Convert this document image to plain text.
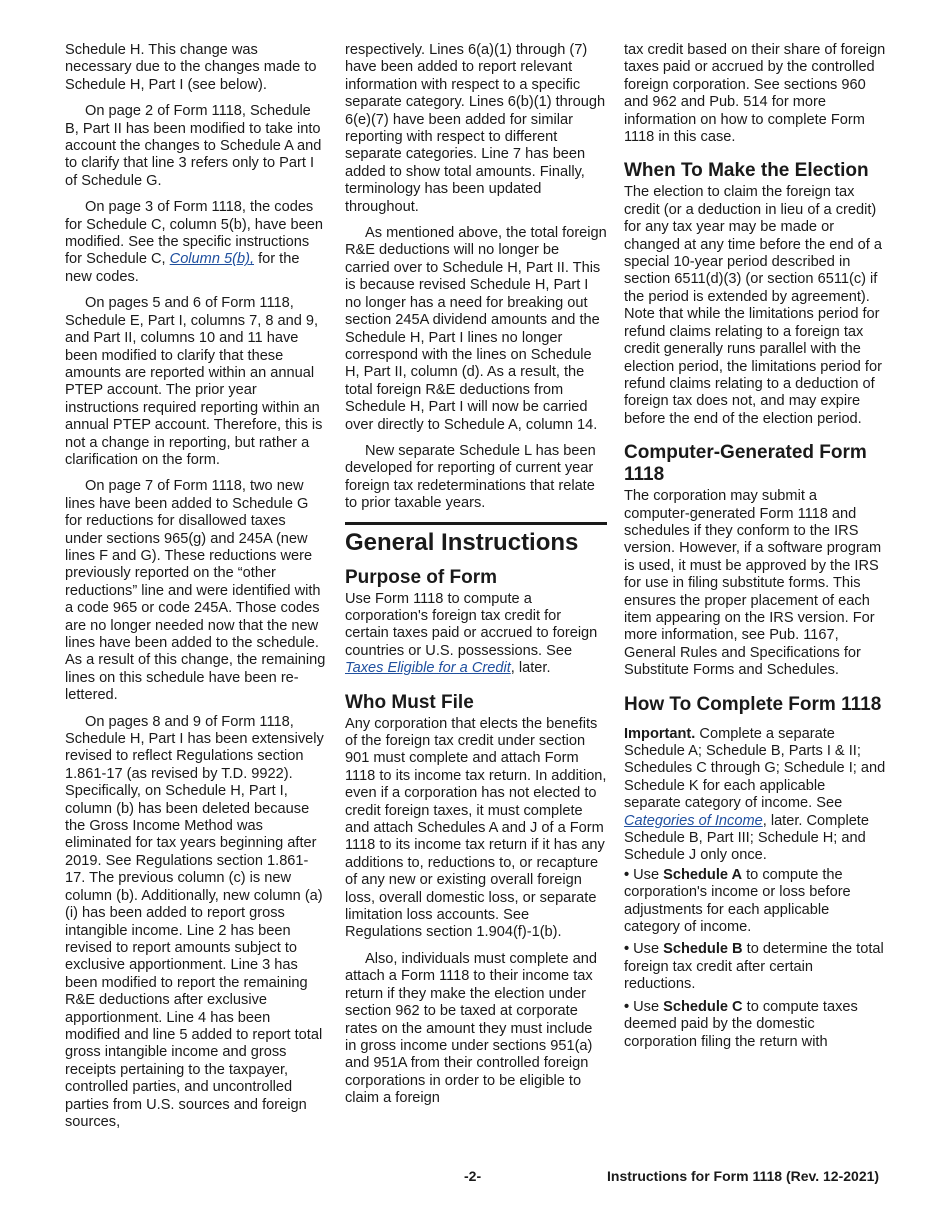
Schedule H. This change was necessary due to the changes made to Schedule H, Part I (see below).

On page 2 of Form 1118, Schedule B, Part II has been modified to take into account the changes to Schedule A and to clarify that line 3 refers only to Part I of Schedule G.

On page 3 of Form 1118, the codes for Schedule C, column 5(b), have been modified. See the specific instructions for Schedule C, Column 5(b), for the new codes.

On pages 5 and 6 of Form 1118, Schedule E, Part I, columns 7, 8 and 9, and Part II, columns 10 and 11 have been modified to clarify that these amounts are reported within an annual PTEP account. The prior year instructions required reporting within an annual PTEP account. Therefore, this is not a change in reporting, but rather a clarification on the form.

On page 7 of Form 1118, two new lines have been added to Schedule G for reductions for disallowed taxes under sections 965(g) and 245A (new lines F and G). These reductions were previously reported on the “other reductions” line and were identified with a code 965 or code 245A. Those codes are no longer needed now that the new lines have been added to the schedule. As a result of this change, the remaining lines on this schedule have been re-lettered.

On pages 8 and 9 of Form 1118, Schedule H, Part I has been extensively revised to reflect Regulations section 1.861-17 (as revised by T.D. 9922). Specifically, on Schedule H, Part I, column (b) has been deleted because the Gross Income Method was eliminated for tax years beginning after 2019. See Regulations section 1.861-17. The previous column (c) is new column (b). Additionally, new column (a)(i) has been added to report gross intangible income. Line 2 has been revised to report amounts subject to exclusive apportionment. Line 3 has been modified to report the remaining R&E deductions after exclusive apportionment. Line 4 has been modified and line 5 added to report total gross intangible income and gross receipts pertaining to the taxpayer, controlled parties, and uncontrolled parties from U.S. sources and foreign sources,

respectively. Lines 6(a)(1) through (7) have been added to report relevant information with respect to a specific separate category. Lines 6(b)(1) through 6(e)(7) have been added for similar reporting with respect to different separate categories. Line 7 has been added to show total amounts. Finally, terminology has been updated throughout.

As mentioned above, the total foreign R&E deductions will no longer be carried over to Schedule H, Part II. This is because revised Schedule H, Part I no longer has a need for breaking out section 245A dividend amounts and the Schedule H, Part I lines no longer correspond with the lines on Schedule H, Part II, column (d). As a result, the total foreign R&E deductions from Schedule H, Part I will now be carried over directly to Schedule A, column 14.

New separate Schedule L has been developed for reporting of current year foreign tax redeterminations that relate to prior taxable years.

General Instructions
Purpose of Form

Use Form 1118 to compute a corporation's foreign tax credit for certain taxes paid or accrued to foreign countries or U.S. possessions. See Taxes Eligible for a Credit, later.

Who Must File

Any corporation that elects the benefits of the foreign tax credit under section 901 must complete and attach Form 1118 to its income tax return. In addition, even if a corporation has not elected to credit foreign taxes, it must complete and attach Schedules A and J of a Form 1118 to its income tax return if it has any additions to, reductions to, or recapture of any new or existing overall foreign loss, overall domestic loss, or separate limitation loss accounts. See Regulations section 1.904(f)-1(b).

Also, individuals must complete and attach a Form 1118 to their income tax return if they make the election under section 962 to be taxed at corporate rates on the amount they must include in gross income under sections 951(a) and 951A from their controlled foreign corporations in order to be eligible to claim a foreign

tax credit based on their share of foreign taxes paid or accrued by the controlled foreign corporation. See sections 960 and 962 and Pub. 514 for more information on how to complete Form 1118 in this case.

When To Make the Election

The election to claim the foreign tax credit (or a deduction in lieu of a credit) for any tax year may be made or changed at any time before the end of a special 10-year period described in section 6511(d)(3) (or section 6511(c) if the period is extended by agreement). Note that while the limitations period for refund claims relating to a foreign tax credit generally runs parallel with the election period, the limitations period for refund claims relating to a deduction of foreign tax does not, and may expire before the end of the election period.

Computer-Generated Form 1118

The corporation may submit a computer-generated Form 1118 and schedules if they conform to the IRS version. However, if a software program is used, it must be approved by the IRS for use in filing substitute forms. This ensures the proper placement of each item appearing on the IRS version. For more information, see Pub. 1167, General Rules and Specifications for Substitute Forms and Schedules.

How To Complete Form 1118

Important. Complete a separate Schedule A; Schedule B, Parts I & II; Schedules C through G; Schedule I; and Schedule K for each applicable separate category of income. See Categories of Income, later. Complete Schedule B, Part III; Schedule H; and Schedule J only once.

• Use Schedule A to compute the corporation's income or loss before adjustments for each applicable category of income.
• Use Schedule B to determine the total foreign tax credit after certain reductions.
• Use Schedule C to compute taxes deemed paid by the domestic corporation filing the return with
-2-	Instructions for Form 1118 (Rev. 12-2021)
